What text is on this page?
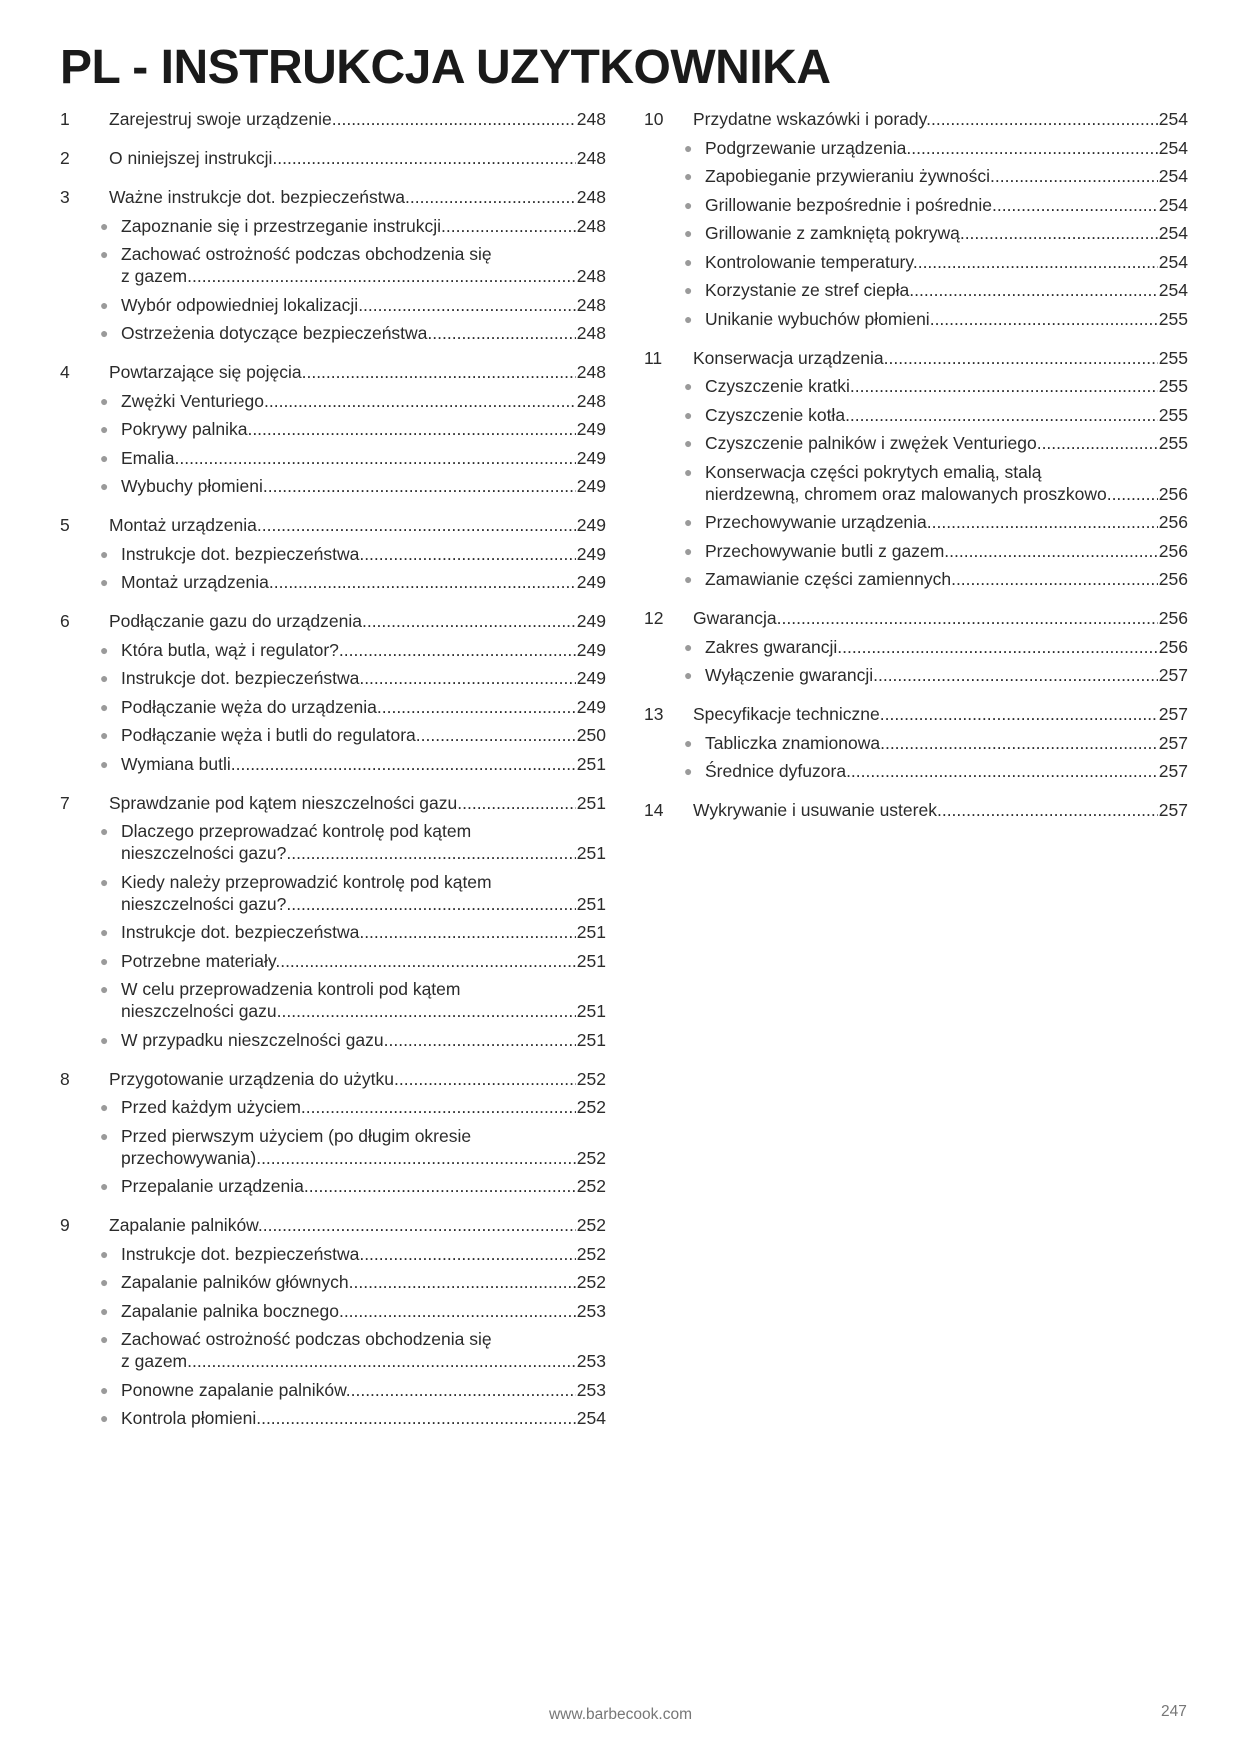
PL - INSTRUKCJA UZYTKOWNIKA
1	Zarejestruj swoje urządzenie .....	248
2	O niniejszej instrukcji .....	248
3	Ważne instrukcje dot. bezpieczeństwa .....	248
● Zapoznanie się i przestrzeganie instrukcji .....	248
● Zachować ostrożność podczas obchodzenia się
z gazem .....	248
● Wybór odpowiedniej lokalizacji .....	248
● Ostrzeżenia dotyczące bezpieczeństwa .....	248
4	Powtarzające się pojęcia .....	248
● Zwężki Venturiego .....	248
● Pokrywy palnika .....	249
● Emalia .....	249
● Wybuchy płomieni .....	249
5	Montaż urządzenia .....	249
● Instrukcje dot. bezpieczeństwa .....	249
● Montaż urządzenia .....	249
6	Podłączanie gazu do urządzenia .....	249
● Która butla, wąż i regulator? .....	249
● Instrukcje dot. bezpieczeństwa .....	249
● Podłączanie węża do urządzenia .....	249
● Podłączanie węża i butli do regulatora .....	250
● Wymiana butli .....	251
7	Sprawdzanie pod kątem nieszczelności gazu .....	251
● Dlaczego przeprowadzać kontrolę pod kątem
nieszczelności gazu? .....	251
● Kiedy należy przeprowadzić kontrolę pod kątem
nieszczelności gazu? .....	251
● Instrukcje dot. bezpieczeństwa .....	251
● Potrzebne materiały .....	251
● W celu przeprowadzenia kontroli pod kątem
nieszczelności gazu .....	251
● W przypadku nieszczelności gazu .....	251
8	Przygotowanie urządzenia do użytku .....	252
● Przed każdym użyciem .....	252
● Przed pierwszym użyciem (po długim okresie
przechowywania) .....	252
● Przepalanie urządzenia .....	252
9	Zapalanie palników .....	252
● Instrukcje dot. bezpieczeństwa .....	252
● Zapalanie palników głównych .....	252
● Zapalanie palnika bocznego .....	253
● Zachować ostrożność podczas obchodzenia się
z gazem .....	253
● Ponowne zapalanie palników .....	253
● Kontrola płomieni .....	254
10	Przydatne wskazówki i porady .....	254
● Podgrzewanie urządzenia .....	254
● Zapobieganie przywieraniu żywności .....	254
● Grillowanie bezpośrednie i pośrednie .....	254
● Grillowanie z zamkniętą pokrywą .....	254
● Kontrolowanie temperatury .....	254
● Korzystanie ze stref ciepła .....	254
● Unikanie wybuchów płomieni .....	255
11	Konserwacja urządzenia .....	255
● Czyszczenie kratki .....	255
● Czyszczenie kotła .....	255
● Czyszczenie palników i zwężek Venturiego .....	255
● Konserwacja części pokrytych emalią, stalą
nierdzewną, chromem oraz malowanych proszkowo .....	256
● Przechowywanie urządzenia .....	256
● Przechowywanie butli z gazem .....	256
● Zamawianie części zamiennych .....	256
12	Gwarancja .....	256
● Zakres gwarancji .....	256
● Wyłączenie gwarancji .....	257
13	Specyfikacje techniczne .....	257
● Tabliczka znamionowa .....	257
● Średnice dyfuzora .....	257
14	Wykrywanie i usuwanie usterek .....	257
www.barbecook.com	247
